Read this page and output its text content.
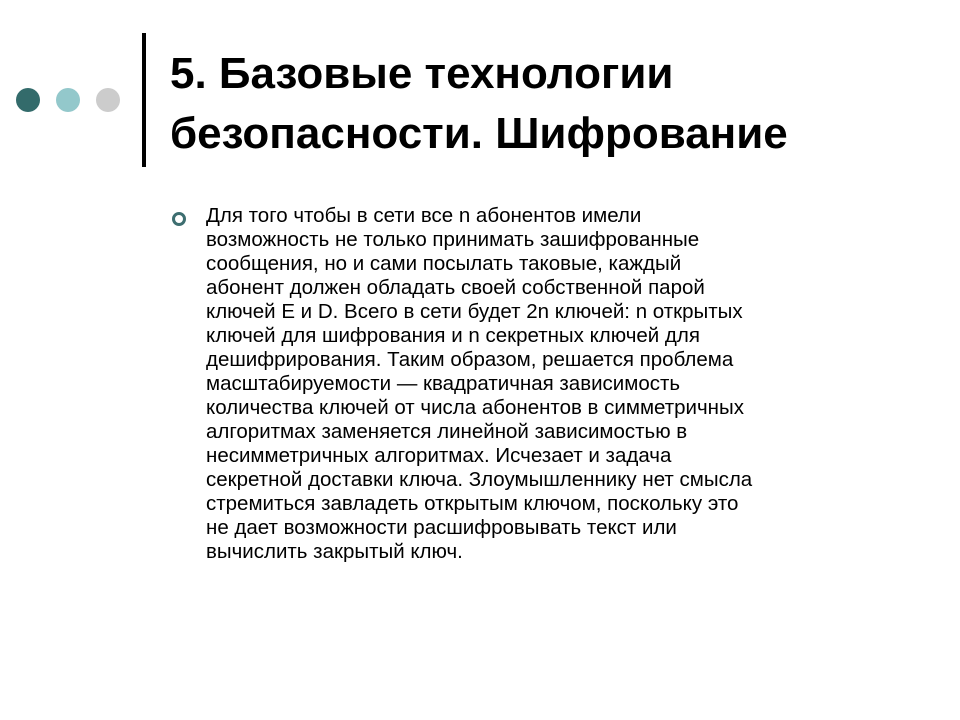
5. Базовые технологии
безопасности. Шифрование

Для того чтобы в сети все n абонентов имели
возможность не только принимать зашифрованные
сообщения, но и сами посылать таковые, каждый
абонент должен обладать своей собственной парой
ключей E и D. Всего в сети будет 2n ключей: n открытых
ключей для шифрования и n секретных ключей для
дешифрирования. Таким образом, решается проблема
масштабируемости — квадратичная зависимость
количества ключей от числа абонентов в симметричных
алгоритмах заменяется линейной зависимостью в
несимметричных алгоритмах. Исчезает и задача
секретной доставки ключа. Злоумышленнику нет смысла
стремиться завладеть открытым ключом, поскольку это
не дает возможности расшифровывать текст или
вычислить закрытый ключ.
